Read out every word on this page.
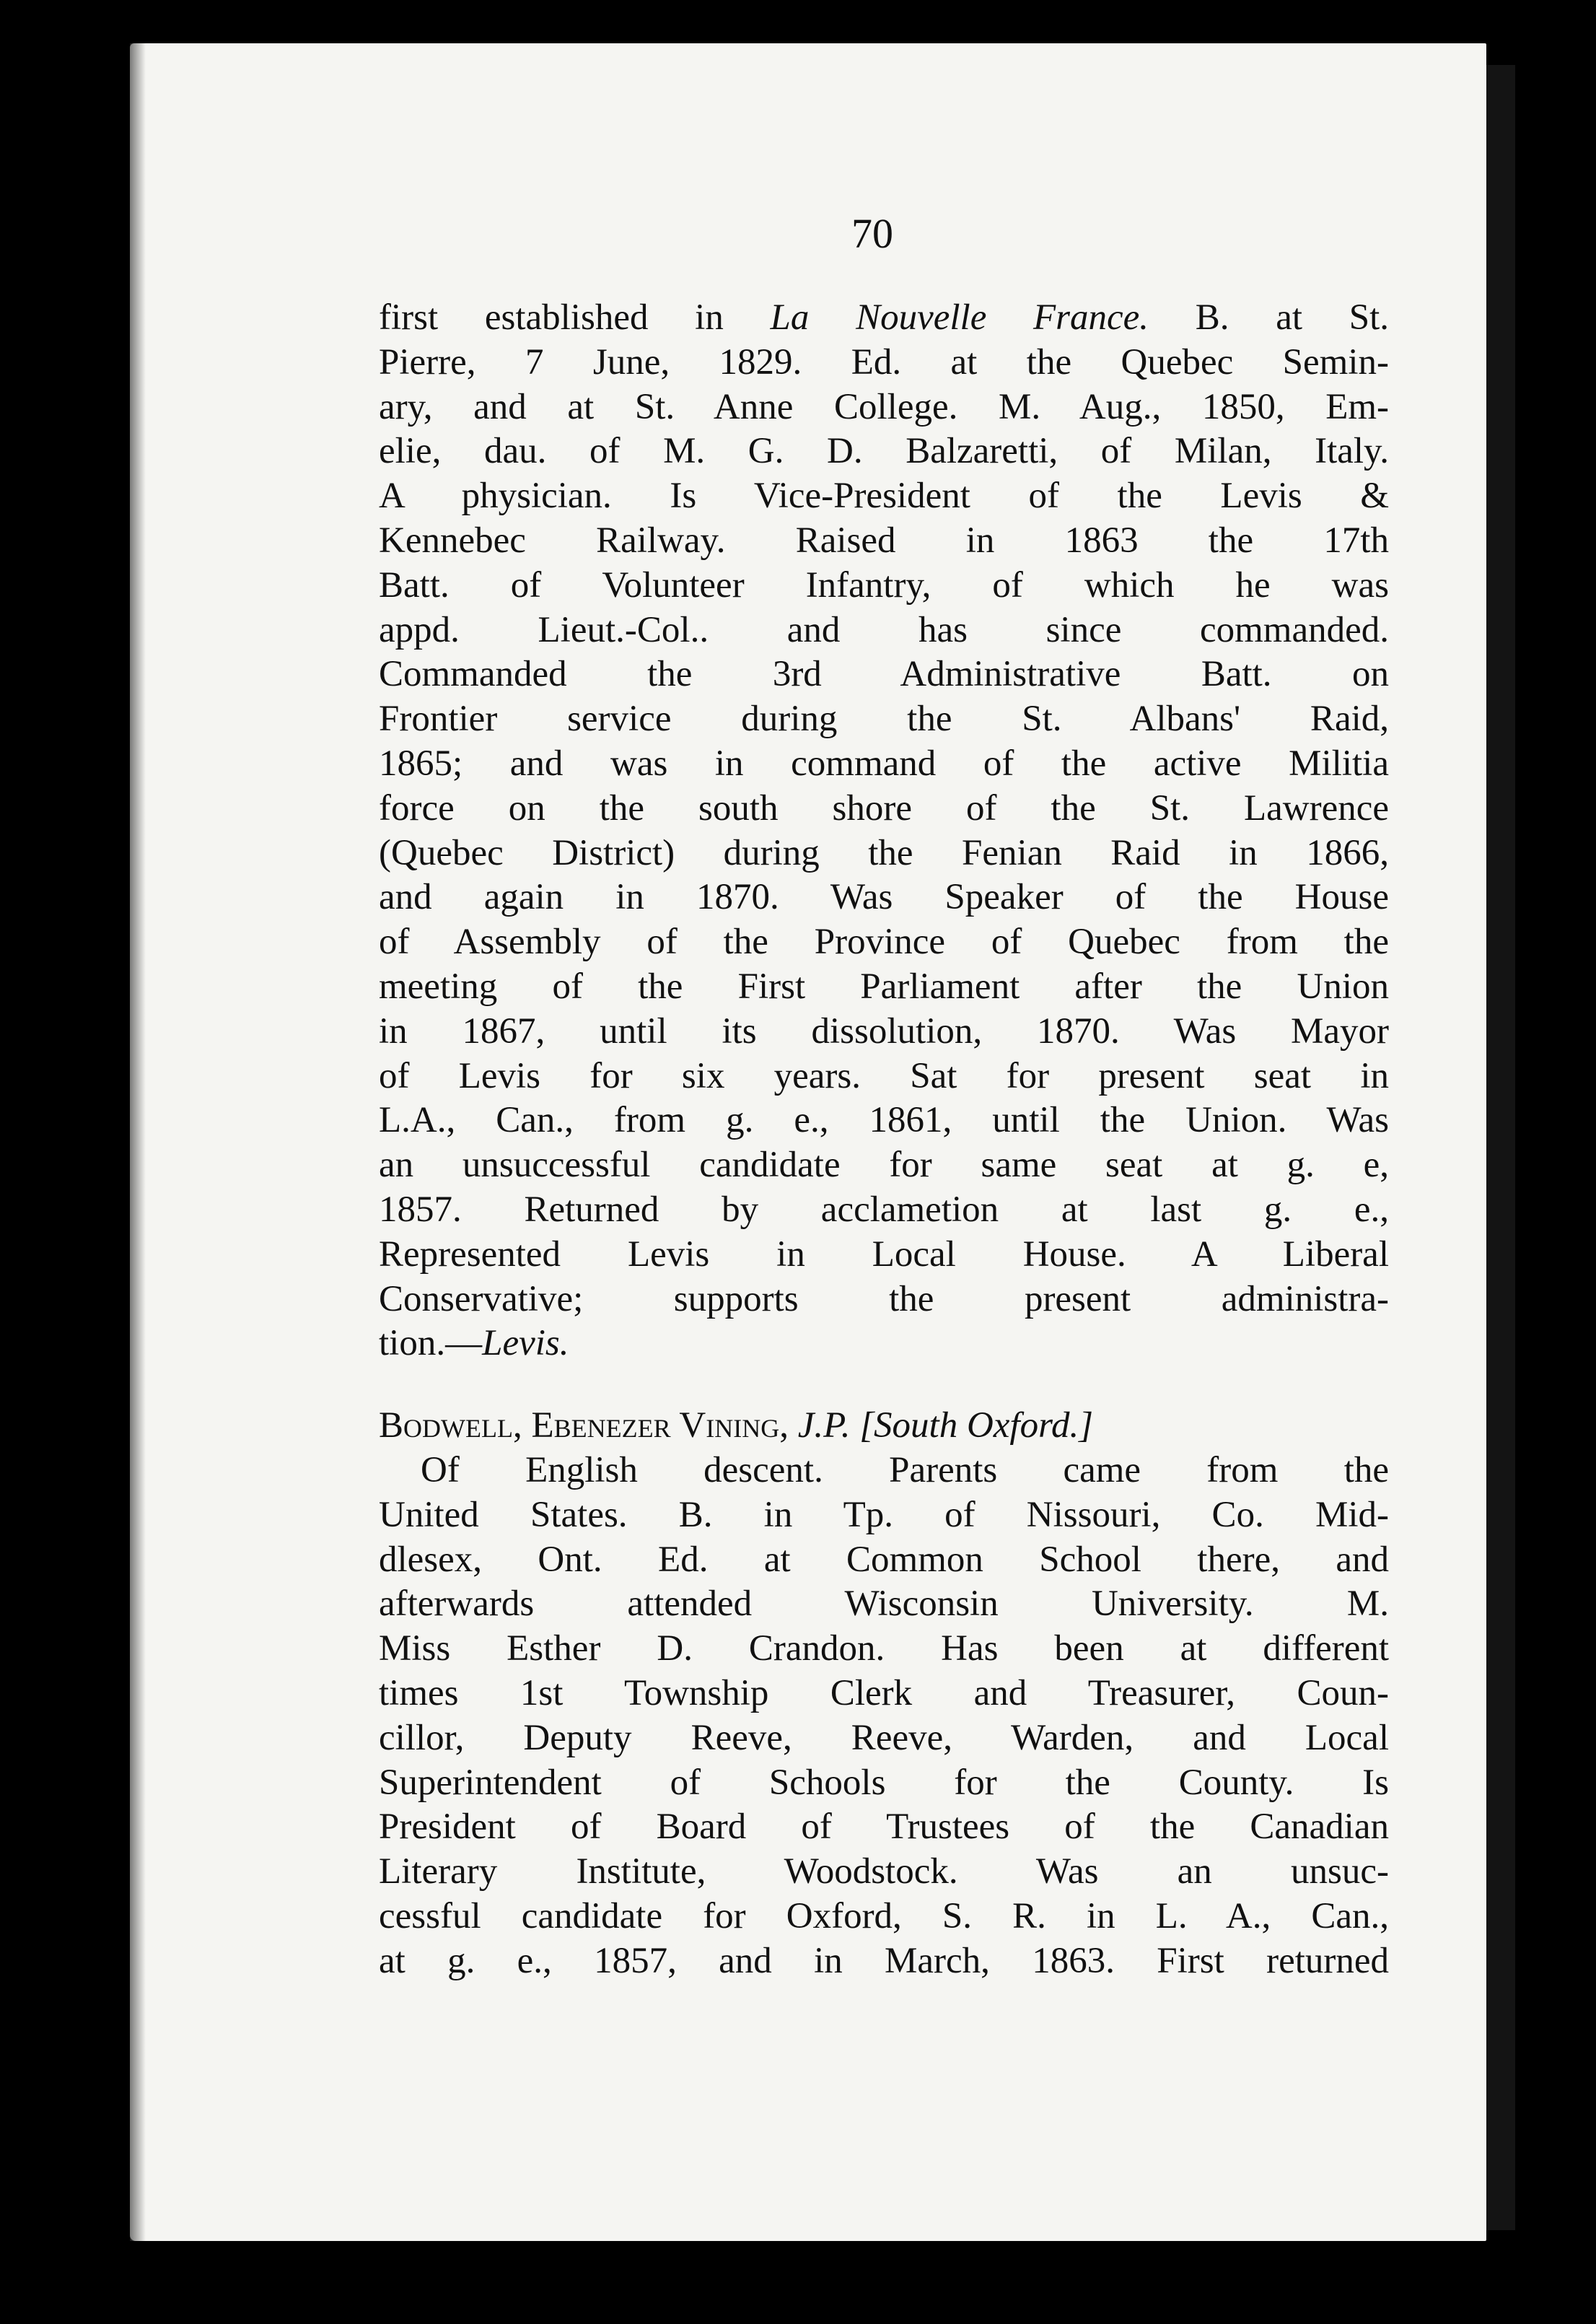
70
first established in La Nouvelle France. B. at St.
Pierre, 7 June, 1829. Ed. at the Quebec Semin-
ary, and at St. Anne College. M. Aug., 1850, Em-
elie, dau. of M. G. D. Balzaretti, of Milan, Italy.
A physician. Is Vice-President of the Levis &
Kennebec Railway. Raised in 1863 the 17th
Batt. of Volunteer Infantry, of which he was
appd. Lieut.-Col.. and has since commanded.
Commanded the 3rd Administrative Batt. on
Frontier service during the St. Albans' Raid,
1865; and was in command of the active Militia
force on the south shore of the St. Lawrence
(Quebec District) during the Fenian Raid in 1866,
and again in 1870. Was Speaker of the House
of Assembly of the Province of Quebec from the
meeting of the First Parliament after the Union
in 1867, until its dissolution, 1870. Was Mayor
of Levis for six years. Sat for present seat in
L.A., Can., from g. e., 1861, until the Union. Was
an unsuccessful candidate for same seat at g. e,
1857. Returned by acclametion at last g. e.,
Represented Levis in Local House. A Liberal
Conservative; supports the present administra-
tion.—Levis.
Bodwell, Ebenezer Vining, J.P. [South Oxford.]
Of English descent. Parents came from the
United States. B. in Tp. of Nissouri, Co. Mid-
dlesex, Ont. Ed. at Common School there, and
afterwards attended Wisconsin University. M.
Miss Esther D. Crandon. Has been at different
times 1st Township Clerk and Treasurer, Coun-
cillor, Deputy Reeve, Reeve, Warden, and Local
Superintendent of Schools for the County. Is
President of Board of Trustees of the Canadian
Literary Institute, Woodstock. Was an unsuc-
cessful candidate for Oxford, S. R. in L. A., Can.,
at g. e., 1857, and in March, 1863. First returned
